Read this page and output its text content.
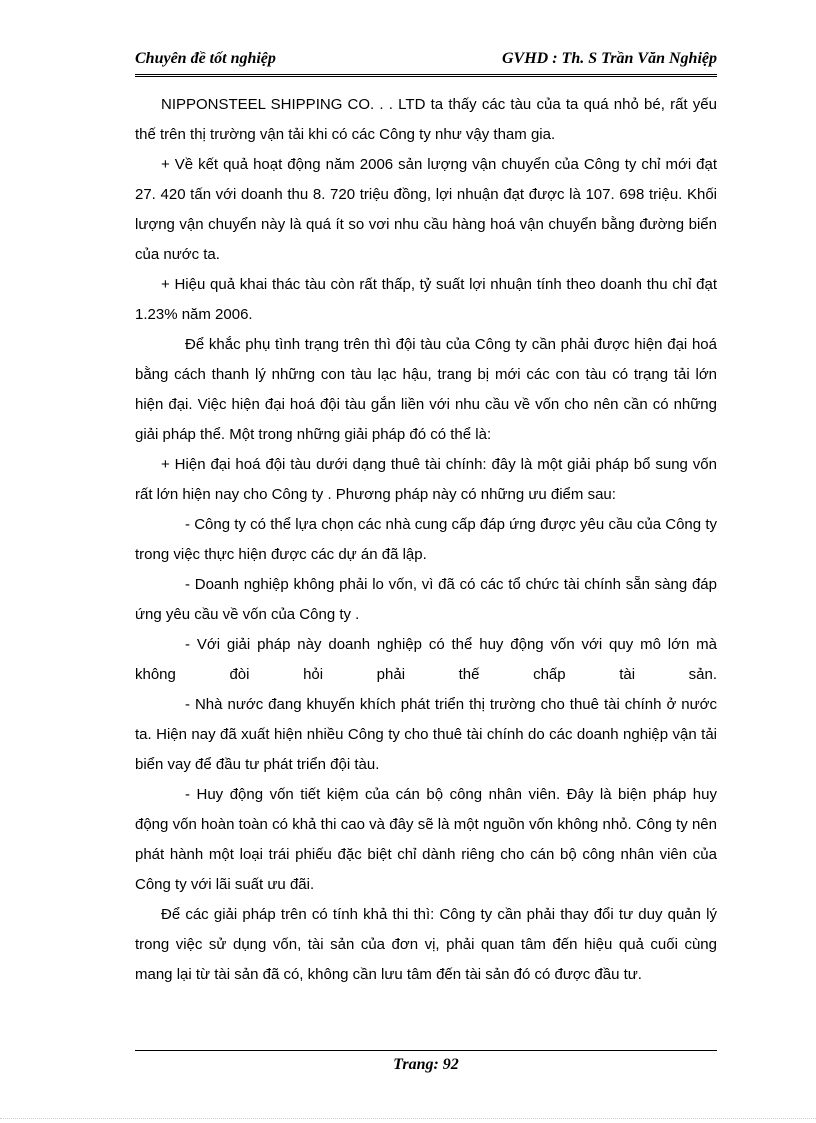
Chuyên đề tốt nghiệp	GVHD : Th. S Trần Văn Nghiệp

NIPPONSTEEL SHIPPING CO. . . LTD ta thấy các tàu của ta quá nhỏ bé, rất yếu thế trên thị trường vận tải khi có các Công ty như vậy tham gia.

+ Về kết quả hoạt động năm 2006 sản lượng vận chuyển của Công ty chỉ mới đạt 27. 420 tấn với doanh thu 8. 720 triệu đồng, lợi nhuận đạt được là 107. 698 triệu. Khối lượng vận chuyển này là quá ít so vơi nhu cầu hàng hoá vận chuyển bằng đường biển của nước ta.

+ Hiệu quả khai thác tàu còn rất thấp, tỷ suất lợi nhuận tính theo doanh thu chỉ đạt 1.23% năm 2006.

Để khắc phụ tình trạng trên thì đội tàu của Công ty cần phải được hiện đại hoá bằng cách thanh lý những con tàu lạc hậu, trang bị mới các con tàu có trạng tải lớn hiện đại. Việc hiện đại hoá đội tàu gắn liền với nhu cầu về vốn cho nên cần có những giải pháp thể. Một trong những giải pháp đó có thể là:

+ Hiện đại hoá đội tàu dưới dạng thuê tài chính: đây là một giải pháp bổ sung vốn rất lớn hiện nay cho Công ty . Phương pháp này có những ưu điểm sau:

- Công ty có thể lựa chọn các nhà cung cấp đáp ứng được yêu cầu của Công ty trong việc thực hiện được các dự án đã lập.

- Doanh nghiệp không phải lo vốn, vì đã có các tổ chức tài chính sẵn sàng đáp ứng yêu cầu về vốn của Công ty .

- Với giải pháp này doanh nghiệp có thể huy động vốn với quy mô lớn mà không đòi hỏi phải thế chấp tài sản.

- Nhà nước đang khuyến khích phát triển thị trường cho thuê tài chính ở nước ta. Hiện nay đã xuất hiện nhiều Công ty cho thuê tài chính do các doanh nghiệp vận tải biển vay để đầu tư phát triển đội tàu.

- Huy động vốn tiết kiệm của cán bộ công nhân viên. Đây là biện pháp huy động vốn hoàn toàn có khả thi cao và đây sẽ là một nguồn vốn không nhỏ. Công ty nên phát hành một loại trái phiếu đặc biệt chỉ dành riêng cho cán bộ công nhân viên của Công ty với lãi suất ưu đãi.

Để các giải pháp trên có tính khả thi thì: Công ty cần phải thay đổi tư duy quản lý trong việc sử dụng vốn, tài sản của đơn vị, phải quan tâm đến hiệu quả cuối cùng mang lại từ tài sản đã có, không cần lưu tâm đến tài sản đó có được đầu tư.

Trang: 92
